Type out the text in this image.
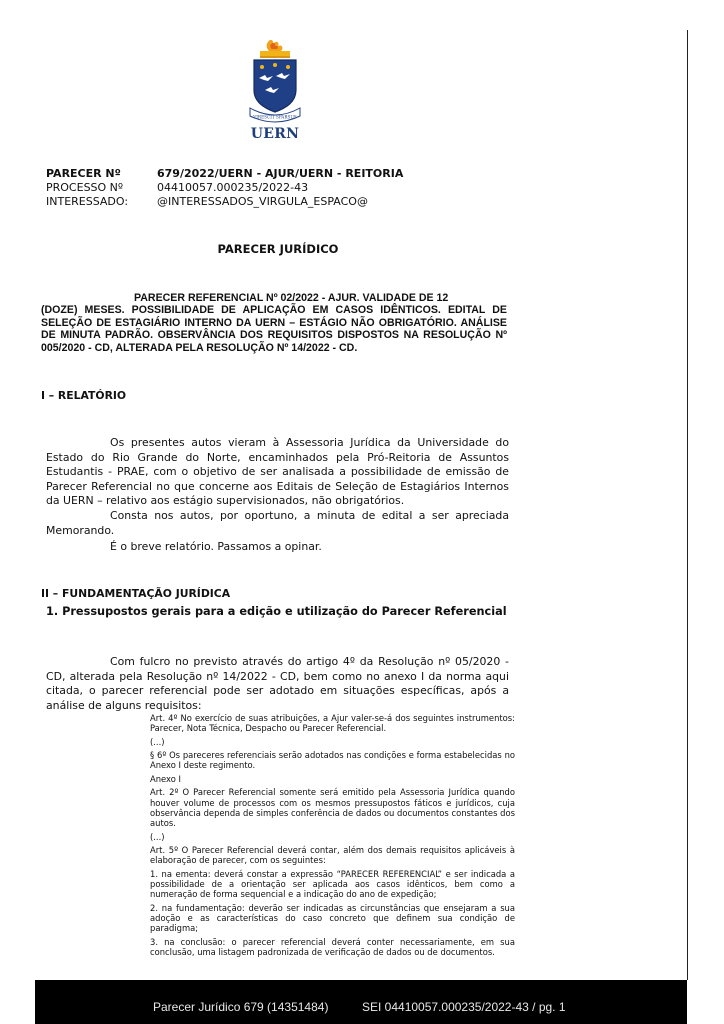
VIRESCIT SPARSUS
UERN
PARECER Nº	679/2022/UERN - AJUR/UERN - REITORIA
PROCESSO Nº	04410057.000235/2022-43
INTERESSADO:	@INTERESSADOS_VIRGULA_ESPACO@
PARECER JURÍDICO
PARECER REFERENCIAL Nº 02/2022 - AJUR. VALIDADE DE 12
(DOZE) MESES. POSSIBILIDADE DE APLICAÇÃO EM CASOS IDÊNTICOS. EDITAL DE SELEÇÃO DE ESTAGIÁRIO INTERNO DA UERN – ESTÁGIO NÃO OBRIGATÓRIO. ANÁLISE DE MINUTA PADRÃO. OBSERVÂNCIA DOS REQUISITOS DISPOSTOS NA RESOLUÇÃO Nº 005/2020 - CD, ALTERADA PELA RESOLUÇÃO Nº 14/2022 - CD.
I – RELATÓRIO
Os presentes autos vieram à Assessoria Jurídica da Universidade do Estado do Rio Grande do Norte, encaminhados pela Pró-Reitoria de Assuntos Estudantis - PRAE, com o objetivo de ser analisada a possibilidade de emissão de Parecer Referencial no que concerne aos Editais de Seleção de Estagiários Internos da UERN – relativo aos estágio supervisionados, não obrigatórios.
Consta nos autos, por oportuno, a minuta de edital a ser apreciada Memorando.
É o breve relatório. Passamos a opinar.
II – FUNDAMENTAÇÃO JURÍDICA
1. Pressupostos gerais para a edição e utilização do Parecer Referencial
Com fulcro no previsto através do artigo 4º da Resolução nº 05/2020 - CD, alterada pela Resolução nº 14/2022 - CD, bem como no anexo I da norma aqui citada, o parecer referencial pode ser adotado em situações específicas, após a análise de alguns requisitos:

Art. 4º No exercício de suas atribuições, a Ajur valer-se-á dos seguintes instrumentos: Parecer, Nota Técnica, Despacho ou Parecer Referencial.

(...)

§ 6º Os pareceres referenciais serão adotados nas condições e forma estabelecidas no Anexo I deste regimento.

Anexo I

Art. 2º O Parecer Referencial somente será emitido pela Assessoria Jurídica quando houver volume de processos com os mesmos pressupostos fáticos e jurídicos, cuja observância dependa de simples conferência de dados ou documentos constantes dos autos.

(...)

Art. 5º O Parecer Referencial deverá contar, além dos demais requisitos aplicáveis à elaboração de parecer, com os seguintes:

1. na ementa: deverá constar a expressão “PARECER REFERENCIAL” e ser indicada a possibilidade de a orientação ser aplicada aos casos idênticos, bem como a numeração de forma sequencial e a indicação do ano de expedição;

2. na fundamentação: deverão ser indicadas as circunstâncias que ensejaram a sua adoção e as características do caso concreto que definem sua condição de paradigma;

3. na conclusão: o parecer referencial deverá conter necessariamente, em sua conclusão, uma listagem padronizada de verificação de dados ou de documentos.

Parecer Jurídico 679 (14351484)	SEI 04410057.000235/2022-43 / pg. 1
